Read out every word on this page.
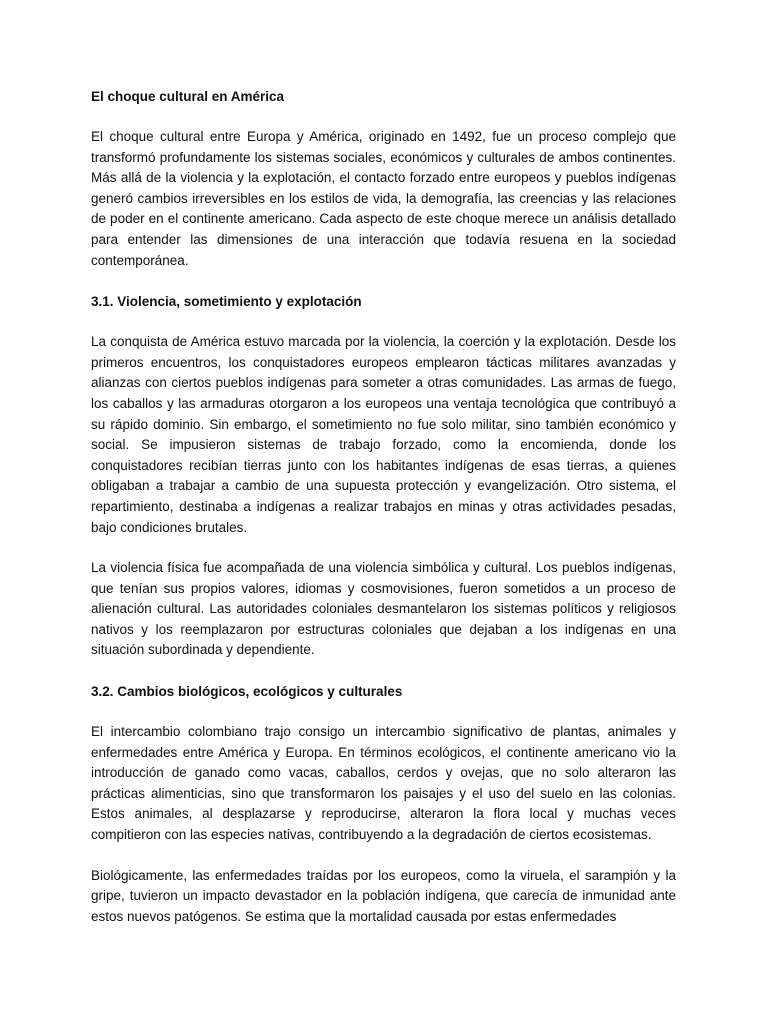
El choque cultural en América

El choque cultural entre Europa y América, originado en 1492, fue un proceso complejo que transformó profundamente los sistemas sociales, económicos y culturales de ambos continentes. Más allá de la violencia y la explotación, el contacto forzado entre europeos y pueblos indígenas generó cambios irreversibles en los estilos de vida, la demografía, las creencias y las relaciones de poder en el continente americano. Cada aspecto de este choque merece un análisis detallado para entender las dimensiones de una interacción que todavía resuena en la sociedad contemporánea.

3.1. Violencia, sometimiento y explotación

La conquista de América estuvo marcada por la violencia, la coerción y la explotación. Desde los primeros encuentros, los conquistadores europeos emplearon tácticas militares avanzadas y alianzas con ciertos pueblos indígenas para someter a otras comunidades. Las armas de fuego, los caballos y las armaduras otorgaron a los europeos una ventaja tecnológica que contribuyó a su rápido dominio. Sin embargo, el sometimiento no fue solo militar, sino también económico y social. Se impusieron sistemas de trabajo forzado, como la encomienda, donde los conquistadores recibían tierras junto con los habitantes indígenas de esas tierras, a quienes obligaban a trabajar a cambio de una supuesta protección y evangelización. Otro sistema, el repartimiento, destinaba a indígenas a realizar trabajos en minas y otras actividades pesadas, bajo condiciones brutales.

La violencia física fue acompañada de una violencia simbólica y cultural. Los pueblos indígenas, que tenían sus propios valores, idiomas y cosmovisiones, fueron sometidos a un proceso de alienación cultural. Las autoridades coloniales desmantelaron los sistemas políticos y religiosos nativos y los reemplazaron por estructuras coloniales que dejaban a los indígenas en una situación subordinada y dependiente.

3.2. Cambios biológicos, ecológicos y culturales

El intercambio colombiano trajo consigo un intercambio significativo de plantas, animales y enfermedades entre América y Europa. En términos ecológicos, el continente americano vio la introducción de ganado como vacas, caballos, cerdos y ovejas, que no solo alteraron las prácticas alimenticias, sino que transformaron los paisajes y el uso del suelo en las colonias. Estos animales, al desplazarse y reproducirse, alteraron la flora local y muchas veces compitieron con las especies nativas, contribuyendo a la degradación de ciertos ecosistemas.

Biológicamente, las enfermedades traídas por los europeos, como la viruela, el sarampión y la gripe, tuvieron un impacto devastador en la población indígena, que carecía de inmunidad ante estos nuevos patógenos. Se estima que la mortalidad causada por estas enfermedades
